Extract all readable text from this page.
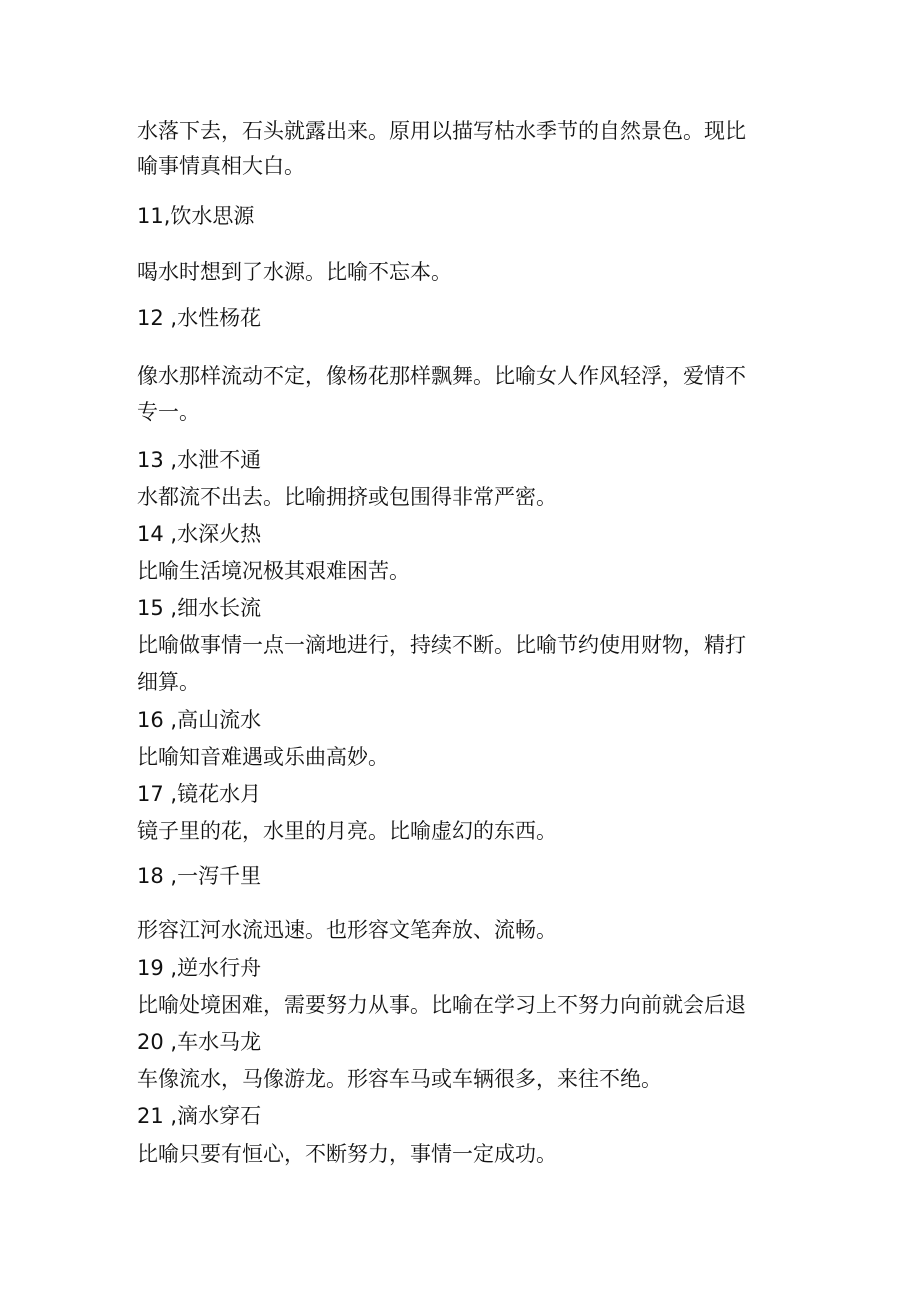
水落下去，石头就露出来。原用以描写枯水季节的自然景色。现比

喻事情真相大白。

11,饮水思源

喝水时想到了水源。比喻不忘本。

12 ,水性杨花

像水那样流动不定，像杨花那样飘舞。比喻女人作风轻浮，爱情不

专一。

13 ,水泄不通

水都流不出去。比喻拥挤或包围得非常严密。

14 ,水深火热

比喻生活境况极其艰难困苦。

15 ,细水长流

比喻做事情一点一滴地进行，持续不断。比喻节约使用财物，精打

细算。

16 ,高山流水

比喻知音难遇或乐曲高妙。

17 ,镜花水月

镜子里的花，水里的月亮。比喻虚幻的东西。

18 ,一泻千里

形容江河水流迅速。也形容文笔奔放、流畅。

19 ,逆水行舟

比喻处境困难，需要努力从事。比喻在学习上不努力向前就会后退

20 ,车水马龙

车像流水，马像游龙。形容车马或车辆很多，来往不绝。

21 ,滴水穿石

比喻只要有恒心，不断努力，事情一定成功。
